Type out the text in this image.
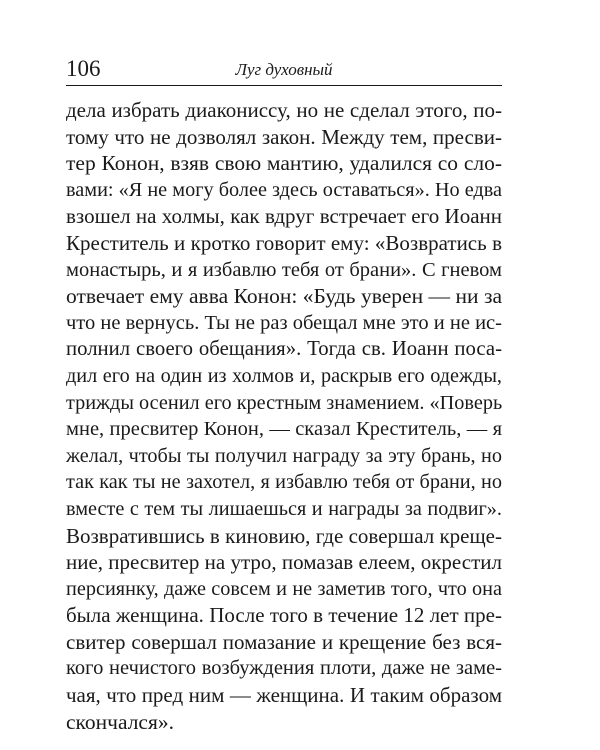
106	Луг духовный
дела избрать диакониссу, но не сделал этого, по-
тому что не дозволял закон. Между тем, пресви-
тер Конон, взяв свою мантию, удалился со сло-
вами: «Я не могу более здесь оставаться». Но едва
взошел на холмы, как вдруг встречает его Иоанн
Креститель и кротко говорит ему: «Возвратись в
монастырь, и я избавлю тебя от брани». С гневом
отвечает ему авва Конон: «Будь уверен — ни за
что не вернусь. Ты не раз обещал мне это и не ис-
полнил своего обещания». Тогда св. Иоанн поса-
дил его на один из холмов и, раскрыв его одежды,
трижды осенил его крестным знамением. «Поверь
мне, пресвитер Конон, — сказал Креститель, — я
желал, чтобы ты получил награду за эту брань, но
так как ты не захотел, я избавлю тебя от брани, но
вместе с тем ты лишаешься и награды за подвиг».
Возвратившись в киновию, где совершал креще-
ние, пресвитер на утро, помазав елеем, окрестил
персиянку, даже совсем и не заметив того, что она
была женщина. После того в течение 12 лет пре-
свитер совершал помазание и крещение без вся-
кого нечистого возбуждения плоти, даже не заме-
чая, что пред ним — женщина. И таким образом
скончался».
